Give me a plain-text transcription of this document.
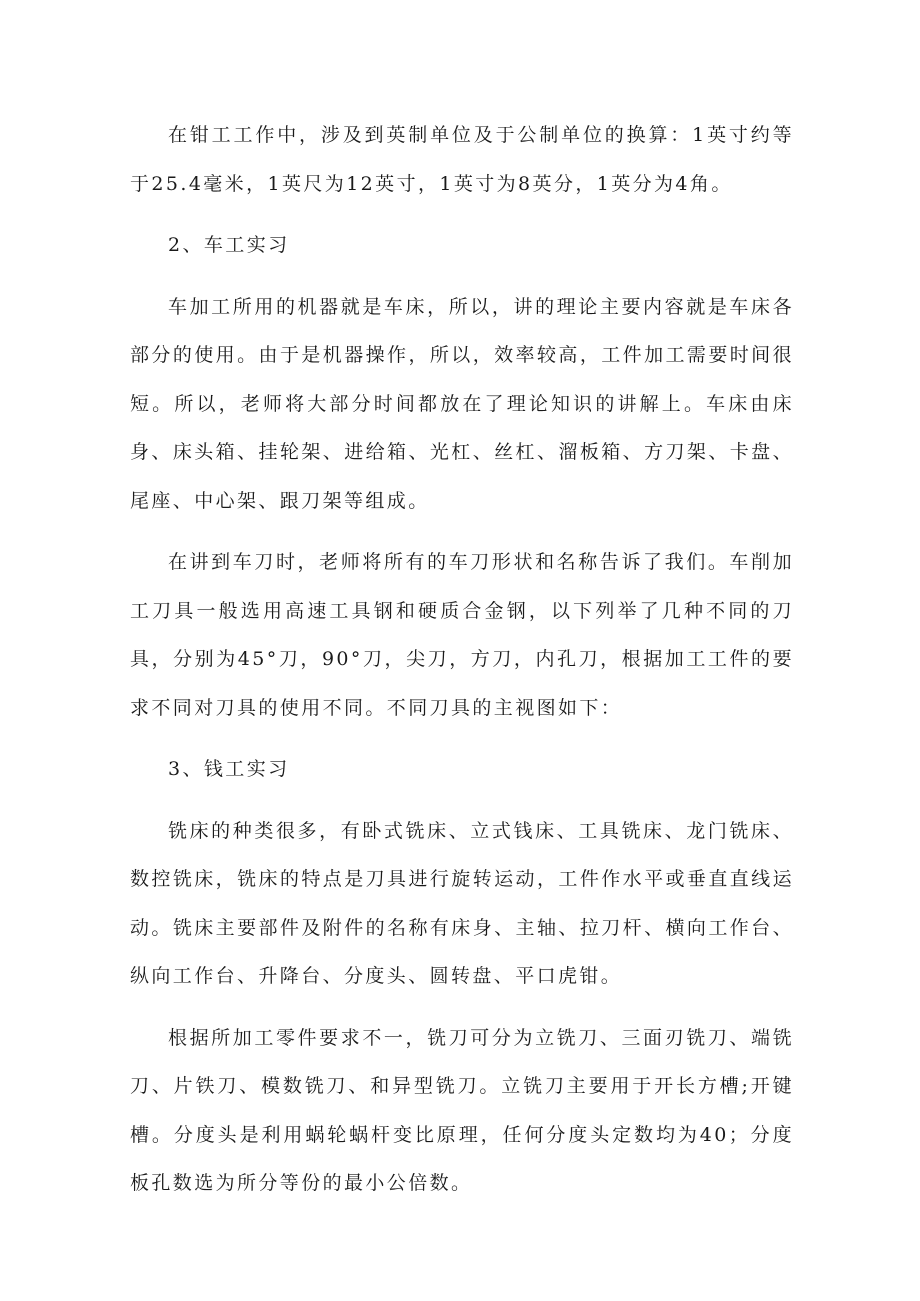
在钳工工作中，涉及到英制单位及于公制单位的换算：1英寸约等于25.4毫米，1英尺为12英寸，1英寸为8英分，1英分为4角。

2、车工实习

车加工所用的机器就是车床，所以，讲的理论主要内容就是车床各部分的使用。由于是机器操作，所以，效率较高，工件加工需要时间很短。所以，老师将大部分时间都放在了理论知识的讲解上。车床由床身、床头箱、挂轮架、进给箱、光杠、丝杠、溜板箱、方刀架、卡盘、尾座、中心架、跟刀架等组成。

在讲到车刀时，老师将所有的车刀形状和名称告诉了我们。车削加工刀具一般选用高速工具钢和硬质合金钢，以下列举了几种不同的刀具，分别为45°刀，90°刀，尖刀，方刀，内孔刀，根据加工工件的要求不同对刀具的使用不同。不同刀具的主视图如下：

3、钱工实习

铣床的种类很多，有卧式铣床、立式钱床、工具铣床、龙门铣床、数控铣床，铣床的特点是刀具进行旋转运动，工件作水平或垂直直线运动。铣床主要部件及附件的名称有床身、主轴、拉刀杆、横向工作台、纵向工作台、升降台、分度头、圆转盘、平口虎钳。

根据所加工零件要求不一，铣刀可分为立铣刀、三面刃铣刀、端铣刀、片铁刀、模数铣刀、和异型铣刀。立铣刀主要用于开长方槽;开键槽。分度头是利用蜗轮蜗杆变比原理，任何分度头定数均为40；分度板孔数选为所分等份的最小公倍数。
